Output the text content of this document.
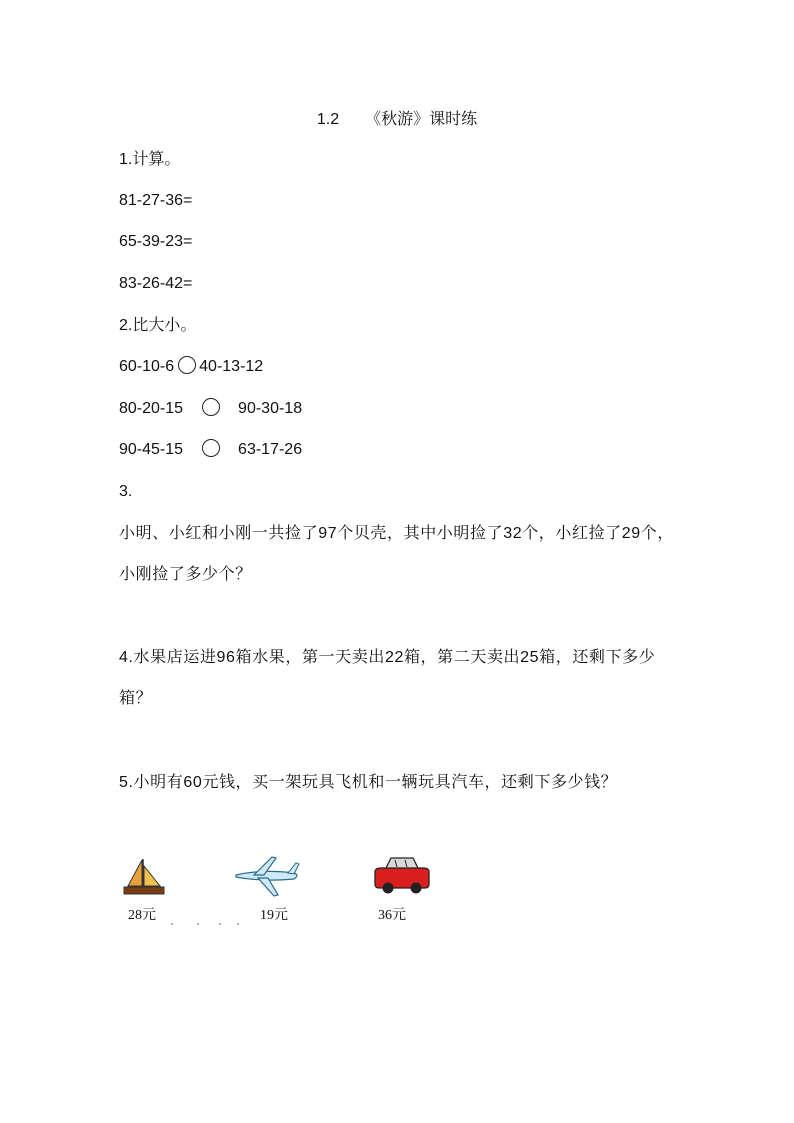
1.2 《秋游》课时练
1.计算。
81-27-36=
65-39-23=
83-26-42=
2.比大小。
60-10-6 40-13-12
80-20-15	90-30-18
90-45-15	63-17-26
3.
小明、小红和小刚一共捡了97个贝壳，其中小明捡了32个，小红捡了29个，小刚捡了多少个？
4.水果店运进96箱水果，第一天卖出22箱，第二天卖出25箱，还剩下多少箱？
5.小明有60元钱，买一架玩具飞机和一辆玩具汽车，还剩下多少钱？
28元	19元	36元
